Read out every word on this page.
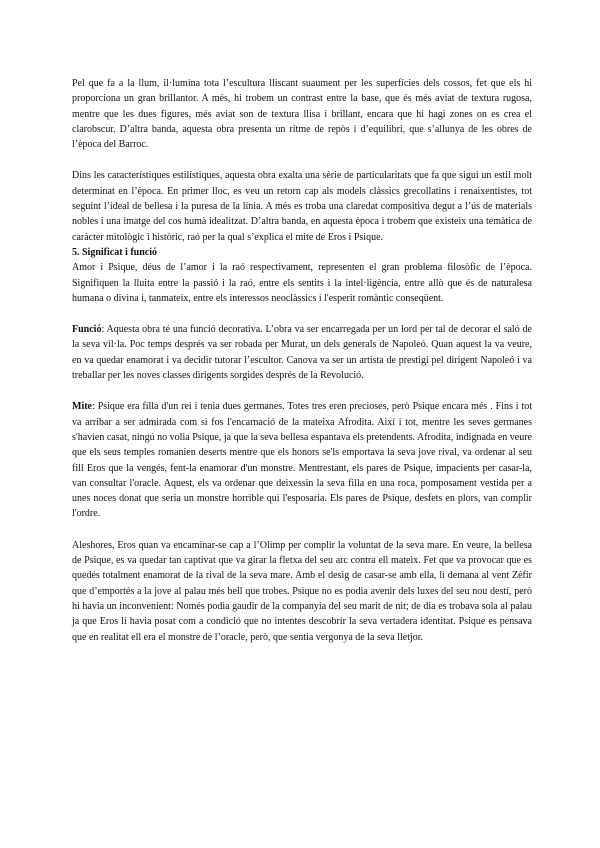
Pel que fa a la llum, il·lumina tota l’escultura lliscant suaument per les superfícies dels cossos, fet que els hi proporciona un gran brillantor. A més, hi trobem un contrast entre la base, que és més aviat de textura rugosa, mentre que les dues figures, més aviat son de textura llisa i brillant, encara que hi hagi zones on es crea el clarobscur. D’altra banda, aquesta obra presenta un ritme de repòs i d’equilibri, que s’allunya de les obres de l’època del Barroc.

Dins les característiques estilístiques, aquesta obra exalta una sèrie de particularitats que fa que sigui un estil molt determinat en l’època. En primer lloc, es veu un retorn cap als models clàssics grecollatins i renaixentistes, tot seguint l’ideal de bellesa i la puresa de la línia. A més es troba una claredat compositiva degut a l’ús de materials nobles i una imatge del cos humà idealitzat. D’altra banda, en aquesta època i trobem que existeix una temàtica de caràcter mitològic i històric, raó per la qual s’explica el mite de Eros i Psique.

5. Significat i funció

Amor i Psique, déus de l’amor i la raó respectivament, representen el gran problema filosòfic de l’època. Signifiquen la lluita entre la passió i la raó, entre els sentits i la intel·ligència, entre allò que és de naturalesa humana o divina i, tanmateix, entre els interessos neoclàssics i l'esperit romàntic conseqüent.

Funció: Aquesta obra té una funció decorativa. L’obra va ser encarregada per un lord per tal de decorar el saló de la seva vil·la. Poc temps després va ser robada per Murat, un dels generals de Napoleó. Quan aquest la va veure, en va quedar enamorat i va decidir tutorar l’escultor. Canova va ser un artista de prestigi pel dirigent Napoleó i va treballar per les noves classes dirigents sorgides després de la Revolució.

Mite: Psique era filla d'un rei i tenia dues germanes. Totes tres eren precioses, però Psique encara més . Fins i tot va arribar a ser admirada com si fos l'encarnació de la mateixa Afrodita. Així i tot, mentre les seves germanes s'havien casat, ningú no volia Psique, ja que la seva bellesa espantava els pretendents. Afrodita, indignada en veure que els seus temples romanien deserts mentre que els honors se'ls emportava la seva jove rival, va ordenar al seu fill Eros que la vengés, fent-la enamorar d'un monstre. Mentrestant, els pares de Psique, impacients per casar-la, van consultar l'oracle. Aquest, els va ordenar que deixessin la seva filla en una roca, pomposament vestida per a unes noces donat que seria un monstre horrible qui l'esposaria. Els pares de Psique, desfets en plors, van complir l'ordre.

Aleshores, Eros quan va encaminar-se cap a l’Olimp per complir la voluntat de la seva mare. En veure, la bellesa de Psique, es va quedar tan captivat que va girar la fletxa del seu arc contra ell mateix. Fet que va provocar que es quedés totalment enamorat de la rival de la seva mare. Amb el desig de casar-se amb ella, li demana al vent Zèfir que d’emportés a la jove al palau més bell que trobes. Psique no es podia avenir dels luxes del seu nou destí, però hi havia un inconvenient: Només podia gaudir de la companyia del seu marit de nit; de dia es trobava sola al palau ja que Eros li havia posat com a condició que no intentes descobrir la seva vertadera identitat. Psique es pensava que en realitat ell era el monstre de l’oracle, però, que sentia vergonya de la seva lletjor.
